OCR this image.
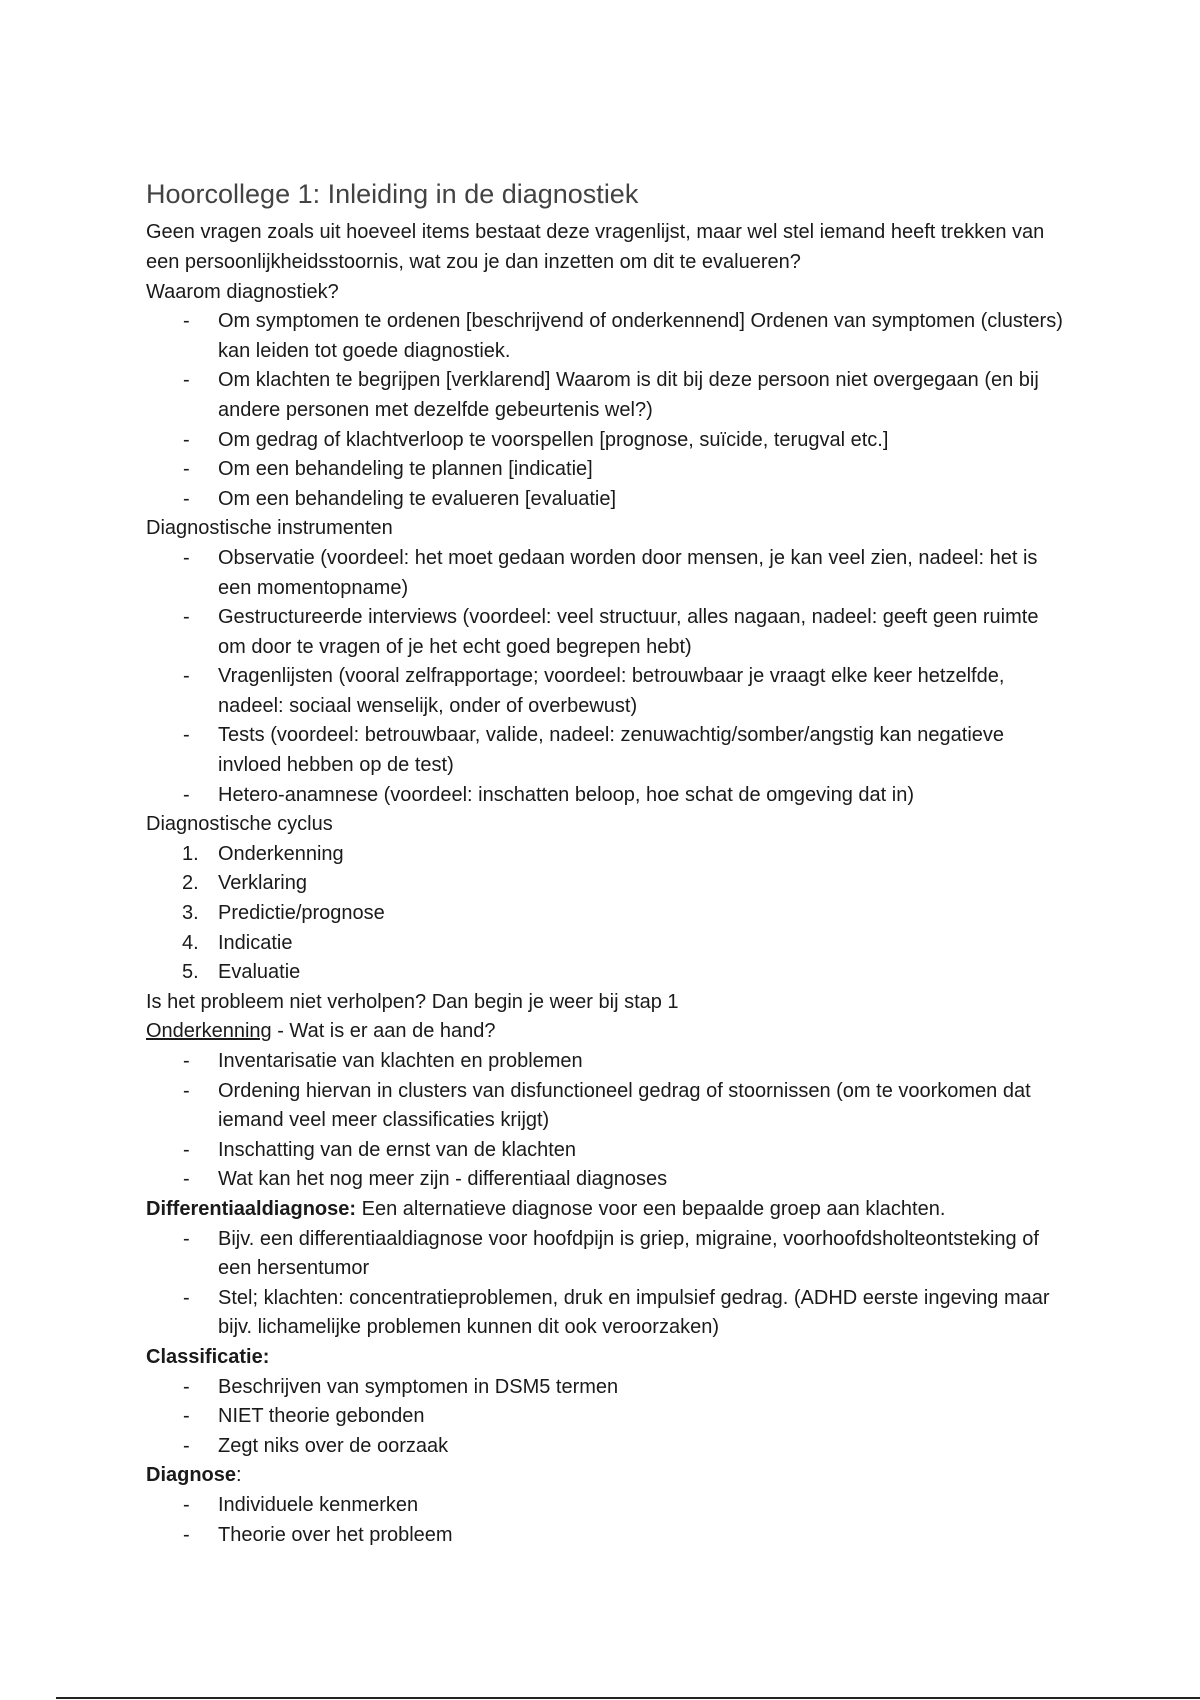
Hoorcollege 1: Inleiding in de diagnostiek

Geen vragen zoals uit hoeveel items bestaat deze vragenlijst, maar wel stel iemand heeft trekken van een persoonlijkheidsstoornis, wat zou je dan inzetten om dit te evalueren?

Waarom diagnostiek?

- Om symptomen te ordenen [beschrijvend of onderkennend] Ordenen van symptomen (clusters) kan leiden tot goede diagnostiek.
- Om klachten te begrijpen [verklarend] Waarom is dit bij deze persoon niet overgegaan (en bij andere personen met dezelfde gebeurtenis wel?)
- Om gedrag of klachtverloop te voorspellen [prognose, suïcide, terugval etc.]
- Om een behandeling te plannen [indicatie]
- Om een behandeling te evalueren [evaluatie]

Diagnostische instrumenten

- Observatie (voordeel: het moet gedaan worden door mensen, je kan veel zien, nadeel: het is een momentopname)
- Gestructureerde interviews (voordeel: veel structuur, alles nagaan, nadeel: geeft geen ruimte om door te vragen of je het echt goed begrepen hebt)
- Vragenlijsten (vooral zelfrapportage; voordeel: betrouwbaar je vraagt elke keer hetzelfde, nadeel: sociaal wenselijk, onder of overbewust)
- Tests (voordeel: betrouwbaar, valide, nadeel: zenuwachtig/somber/angstig kan negatieve invloed hebben op de test)
- Hetero-anamnese (voordeel: inschatten beloop, hoe schat de omgeving dat in)

Diagnostische cyclus

1. Onderkenning
2. Verklaring
3. Predictie/prognose
4. Indicatie
5. Evaluatie

Is het probleem niet verholpen? Dan begin je weer bij stap 1

Onderkenning - Wat is er aan de hand?

- Inventarisatie van klachten en problemen
- Ordening hiervan in clusters van disfunctioneel gedrag of stoornissen (om te voorkomen dat iemand veel meer classificaties krijgt)
- Inschatting van de ernst van de klachten
- Wat kan het nog meer zijn - differentiaal diagnoses

Differentiaaldiagnose: Een alternatieve diagnose voor een bepaalde groep aan klachten.

- Bijv. een differentiaaldiagnose voor hoofdpijn is griep, migraine, voorhoofdsholteontsteking of een hersentumor
- Stel; klachten: concentratieproblemen, druk en impulsief gedrag. (ADHD eerste ingeving maar bijv. lichamelijke problemen kunnen dit ook veroorzaken)

Classificatie:

- Beschrijven van symptomen in DSM5 termen
- NIET theorie gebonden
- Zegt niks over de oorzaak

Diagnose:

- Individuele kenmerken
- Theorie over het probleem
